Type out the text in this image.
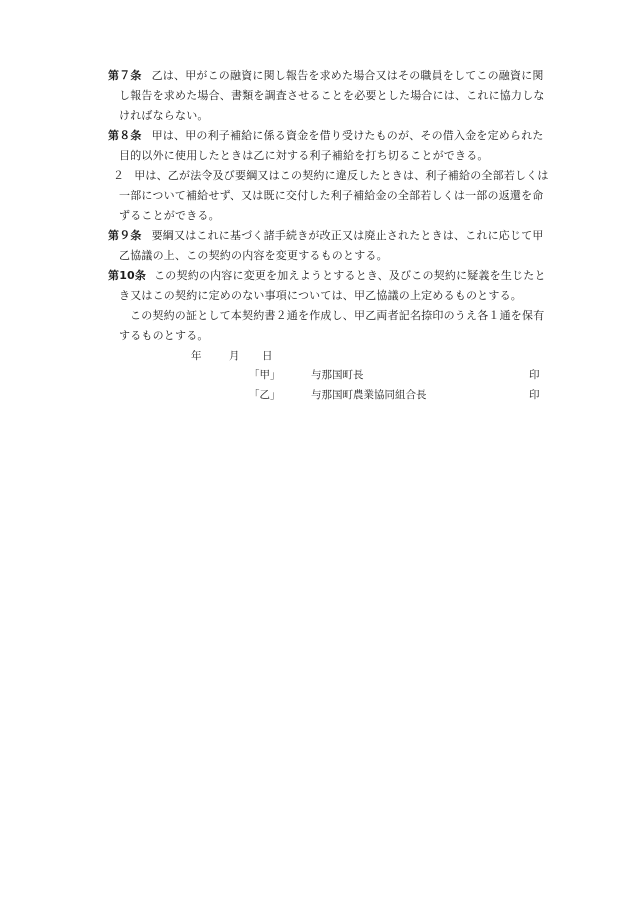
第７条 乙は、甲がこの融資に関し報告を求めた場合又はその職員をしてこの融資に関
し報告を求めた場合、書類を調査させることを必要とした場合には、これに協力しな
ければならない。
第８条 甲は、甲の利子補給に係る資金を借り受けたものが、その借入金を定められた
目的以外に使用したときは乙に対する利子補給を打ち切ることができる。
２ 甲は、乙が法令及び要綱又はこの契約に違反したときは、利子補給の全部若しくは
一部について補給せず、又は既に交付した利子補給金の全部若しくは一部の返還を命
ずることができる。
第９条 要綱又はこれに基づく諸手続きが改正又は廃止されたときは、これに応じて甲
乙協議の上、この契約の内容を変更するものとする。
第10条 この契約の内容に変更を加えようとするとき、及びこの契約に疑義を生じたと
き又はこの契約に定めのない事項については、甲乙協議の上定めるものとする。
この契約の証として本契約書２通を作成し、甲乙両者記名捺印のうえ各１通を保有
するものとする。
年	月 日
「甲」	与那国町長	印
「乙」	与那国町農業協同組合長	印
